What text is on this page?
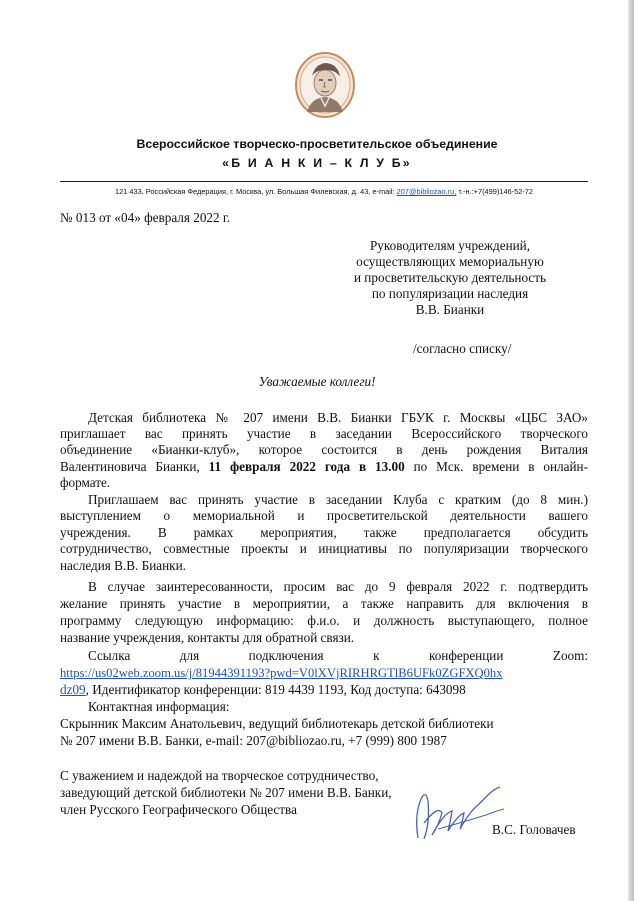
Всероссийское творческо-просветительское объединение
«Б И А Н К И – К Л У Б»
121 433, Российская Федерация, г. Москва, ул. Большая Филевская, д. 43, e-mail: 207@bibliozao.ru, т.-н.:+7(499)146-52-72
№ 013 от «04» февраля 2022 г.
Руководителям учреждений,
осуществляющих мемориальную
и просветительскую деятельность
по популяризации наследия
В.В. Бианки
/согласно списку/
Уважаемые коллеги!
Детская библиотека № 207 имени В.В. Бианки ГБУК г. Москвы «ЦБС ЗАО»
приглашает вас принять участие в заседании Всероссийского творческого
объединение «Бианки-клуб», которое состоится в день рождения Виталия
Валентиновича Бианки, 11 февраля 2022 года в 13.00 по Мск. времени в онлайн-
формате.
Приглашаем вас принять участие в заседании Клуба с кратким (до 8 мин.)
выступлением о мемориальной и просветительской деятельности вашего
учреждения. В рамках мероприятия, также предполагается обсудить
сотрудничество, совместные проекты и инициативы по популяризации творческого
наследия В.В. Бианки.
В случае заинтересованности, просим вас до 9 февраля 2022 г. подтвердить
желание принять участие в мероприятии, а также направить для включения в
программу следующую информацию: ф.и.о. и должность выступающего, полное
название учреждения, контакты для обратной связи.
Ссылка	для	подключения	к	конференции	Zoom:
https://us02web.zoom.us/j/81944391193?pwd=V0lXVjRIRHRGTlB6UFk0ZGFXQ0hx
dz09, Идентификатор конференции: 819 4439 1193, Код доступа: 643098
Контактная информация:
Скрынник Максим Анатольевич, ведущий библиотекарь детской библиотеки
№ 207 имени В.В. Банки, e-mail: 207@bibliozao.ru, +7 (999) 800 1987
С уважением и надеждой на творческое сотрудничество,
заведующий детской библиотеки № 207 имени В.В. Банки,
член Русского Географического Общества
В.С. Головачев
